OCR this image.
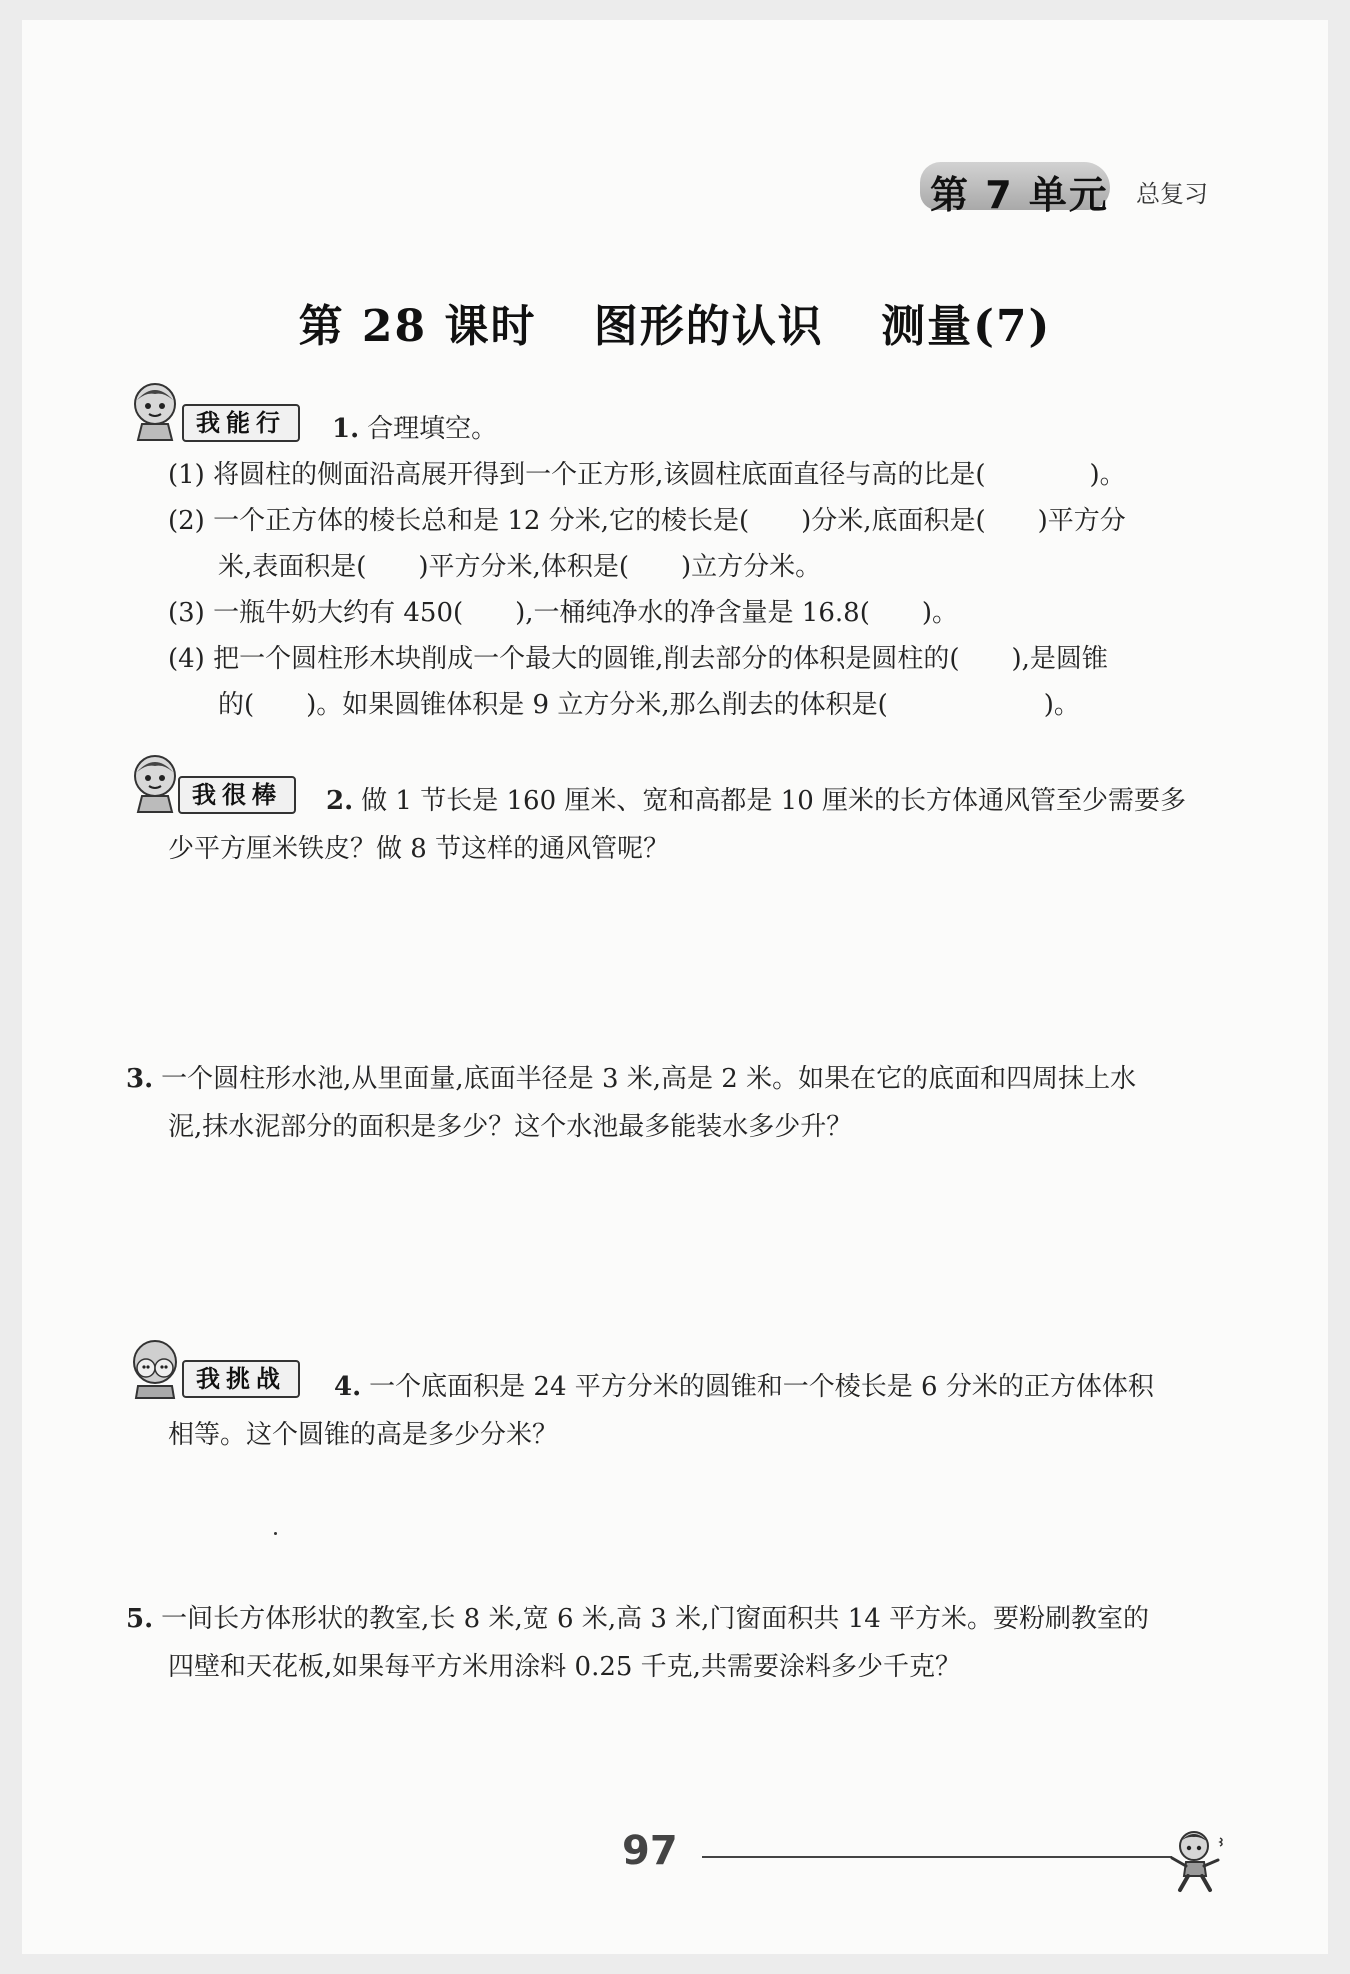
第 7 单元 总复习
第 28 课时 图形的认识 测量(7)
我能行	1. 合理填空。
(1) 将圆柱的侧面沿高展开得到一个正方形,该圆柱底面直径与高的比是(　　　　)。
(2) 一个正方体的棱长总和是 12 分米,它的棱长是(　　)分米,底面积是(　　)平方分
米,表面积是(　　)平方分米,体积是(　　)立方分米。
(3) 一瓶牛奶大约有 450(　　),一桶纯净水的净含量是 16.8(　　)。
(4) 把一个圆柱形木块削成一个最大的圆锥,削去部分的体积是圆柱的(　　),是圆锥
的(　　)。如果圆锥体积是 9 立方分米,那么削去的体积是(　　　　　　)。
我很棒	2. 做 1 节长是 160 厘米、宽和高都是 10 厘米的长方体通风管至少需要多
少平方厘米铁皮？做 8 节这样的通风管呢？
3. 一个圆柱形水池,从里面量,底面半径是 3 米,高是 2 米。如果在它的底面和四周抹上水
泥,抹水泥部分的面积是多少？这个水池最多能装水多少升？
我挑战	4. 一个底面积是 24 平方分米的圆锥和一个棱长是 6 分米的正方体体积
相等。这个圆锥的高是多少分米？
5. 一间长方体形状的教室,长 8 米,宽 6 米,高 3 米,门窗面积共 14 平方米。要粉刷教室的
四壁和天花板,如果每平方米用涂料 0.25 千克,共需要涂料多少千克？
97
